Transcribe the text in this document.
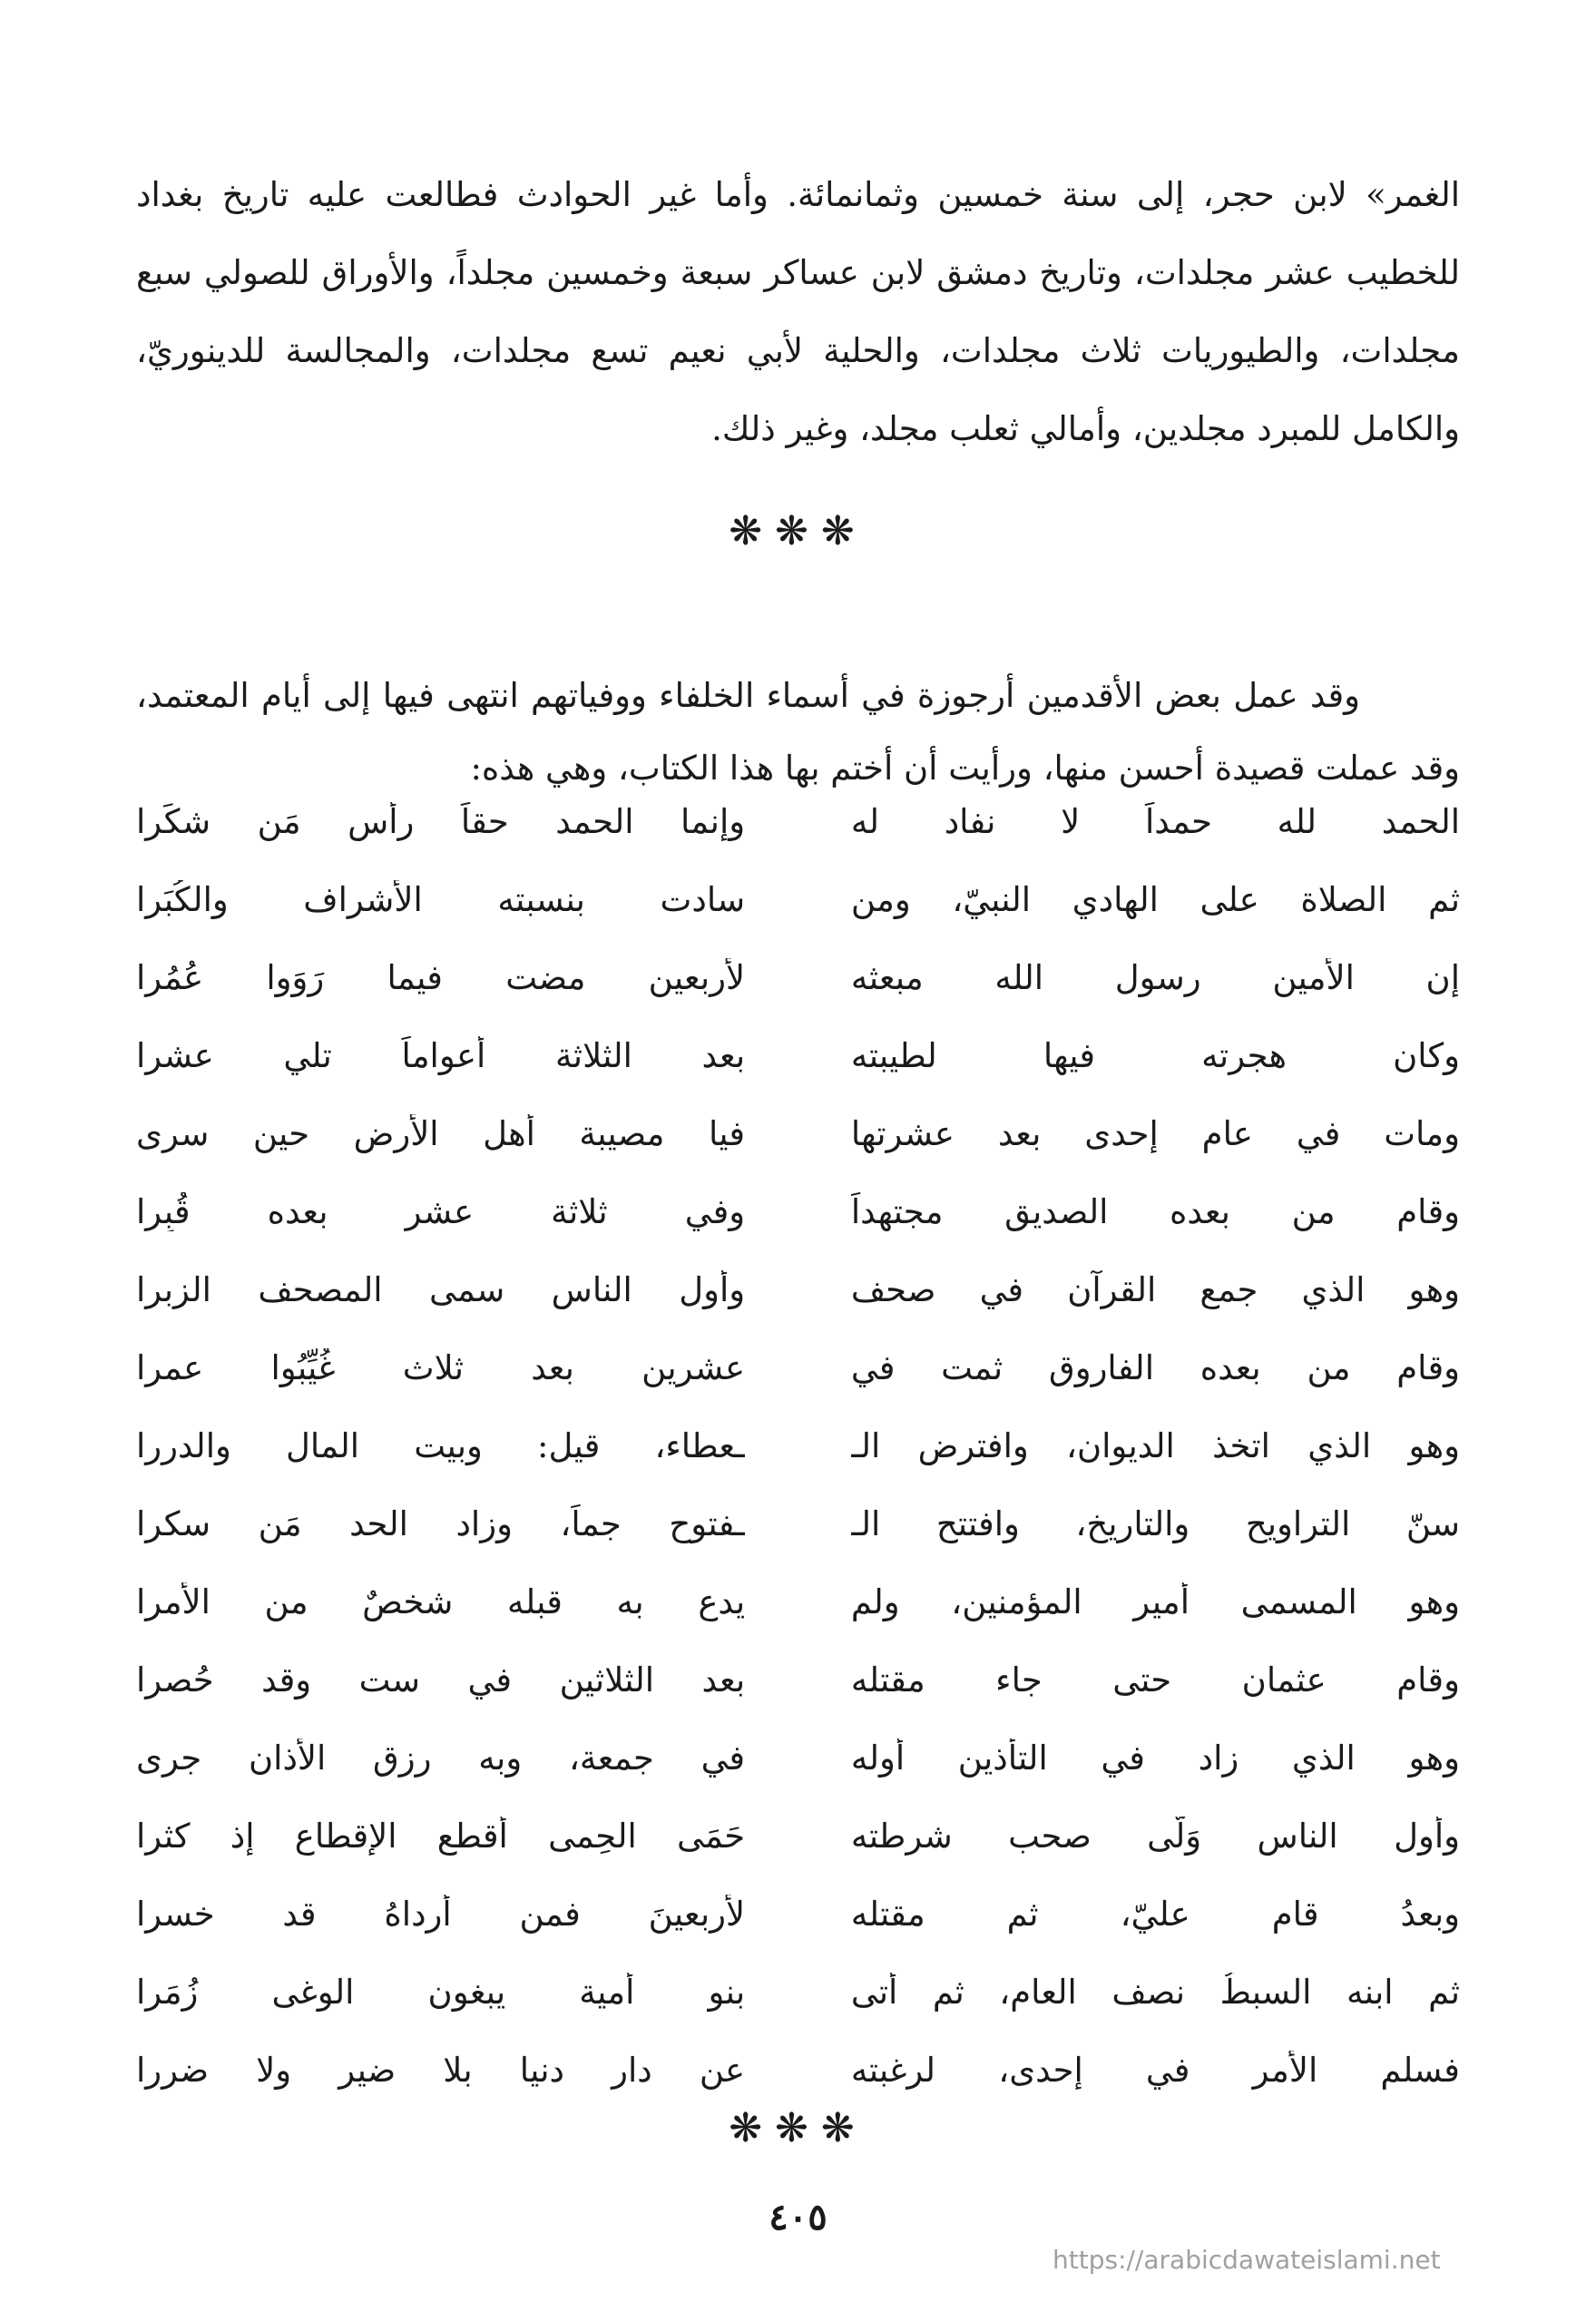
الغمر» لابن حجر، إلى سنة خمسين وثمانمائة. وأما غير الحوادث فطالعت عليه تاريخ بغداد للخطيب عشر مجلدات، وتاريخ دمشق لابن عساكر سبعة وخمسين مجلداً، والأوراق للصولي سبع مجلدات، والطيوريات ثلاث مجلدات، والحلية لأبي نعيم تسع مجلدات، والمجالسة للدينوريّ، والكامل للمبرد مجلدين، وأمالي ثعلب مجلد، وغير ذلك.

❋❋❋

وقد عمل بعض الأقدمين أرجوزة في أسماء الخلفاء ووفياتهم انتهى فيها إلى أيام المعتمد، وقد عملت قصيدة أحسن منها، ورأيت أن أختم بها هذا الكتاب، وهي هذه:

الحمد لله حمداً لا نفاد له
وإنما الحمد حقاً رأس مَن شكَرا
ثم الصلاة على الهادي النبيّ، ومن
سادت بنسبته الأشراف والكُبَرا
إن الأمين رسول الله مبعثه
لأربعين مضت فيما رَوَوا عُمُرا
وكان هجرته فيها لطيبته
بعد الثلاثة أعواماً تلي عشرا
ومات في عام إحدى بعد عشرتها
فيا مصيبة أهل الأرض حين سرى
وقام من بعده الصديق مجتهداً
وفي ثلاثة عشر بعده قُبِرا
وهو الذي جمع القرآن في صحف
وأول الناس سمى المصحف الزبرا
وقام من بعده الفاروق ثمت في
عشرين بعد ثلاث غُيِّبُوا عمرا
وهو الذي اتخذ الديوان، وافترض الـ
ـعطاء، قيل: وبيت المال والدررا
سنّ التراويح والتاريخ، وافتتح الـ
ـفتوح جماً، وزاد الحد مَن سكرا
وهو المسمى أمير المؤمنين، ولم
يدع به قبله شخصٌ من الأمرا
وقام عثمان حتى جاء مقتله
بعد الثلاثين في ست وقد حُصرا
وهو الذي زاد في التأذين أوله
في جمعة، وبه رزق الأذان جرى
وأول الناس وَلّى صحب شرطته
حَمَى الحِمى أقطع الإقطاع إذ كثرا
وبعدُ قام عليّ، ثم مقتله
لأربعينَ فمن أرداهُ قد خسرا
ثم ابنه السبطُ نصف العام، ثم أتى
بنو أمية يبغون الوغى زُمَرا
فسلم الأمر في إحدى، لرغبته
عن دار دنيا بلا ضير ولا ضررا
❋❋❋
٤٠٥
https://arabicdawateislami.net
